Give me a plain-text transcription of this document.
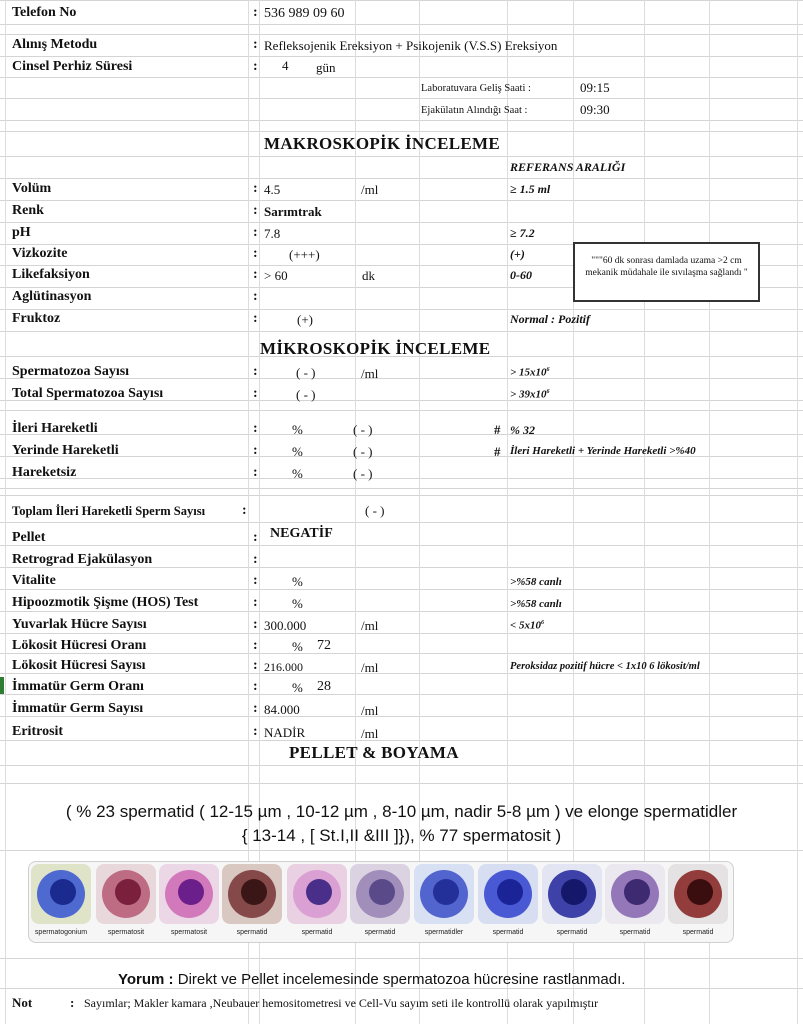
Telefon No	: 536 989 09 60
Alınış Metodu	: Refleksojenik Ereksiyon + Psikojenik (V.S.S) Ereksiyon
Cinsel Perhiz Süresi	: 4 gün
Laboratuvara Geliş Saati :	09:15
Ejakülatın Alındığı Saat :	09:30
MAKROSKOPİK İNCELEME
REFERANS ARALIĞI
Volüm	: 4.5	/ml	≥ 1.5 ml
Renk	: Sarımtrak
pH	: 7.8	≥ 7.2
Vizkozite	: (+++)	(+)
Likefaksiyon	: > 60	dk	0-60
Aglütinasyon	:
Fruktoz	:	(+)	Normal : Pozitif
"""60 dk sonrası damlada uzama >2 cm mekanik müdahale ile sıvılaşma sağlandı "
MİKROSKOPİK İNCELEME
Spermatozoa Sayısı	:	( - )	/ml	> $15x10^6$
Total Spermatozoa Sayısı	:	( - )	> $39x10^6$
İleri Hareketli	:	%	( - )	# % 32
Yerinde Hareketli	:	%	( - )	# İleri Hareketli + Yerinde Hareketli >%40
Hareketsiz	:	%	( - )
Toplam İleri Hareketli Sperm Sayısı	:	( - )
Pellet	: NEGATİF
Retrograd Ejakülasyon	:
Vitalite	:	%	>%58 canlı
Hipoozmotik Şişme (HOS) Test	:	%	>%58 canlı
Yuvarlak Hücre Sayısı	: 300.000	/ml	< $5x10^6$
Lökosit Hücresi Oranı	:	% 72
Lökosit Hücresi Sayısı	: 216.000	/ml	Peroksidaz pozitif hücre < 1x10 6 lökosit/ml
İmmatür Germ Oranı	:	% 28
İmmatür Germ Sayısı	: 84.000	/ml
Eritrosit	: NADİR	/ml
PELLET & BOYAMA
( % 23 spermatid ( 12-15 µm , 10-12 µm , 8-10 µm, nadir 5-8 µm ) ve elonge spermatidler
{ 13-14 , [ St.I,II &III ]}), % 77 spermatosit )
spermatogonium	spermatosit	spermatosit	spermatid	spermatid	spermatid	spermatidler	spermatid	spermatid	spermatid	spermatid
Yorum : Direkt ve Pellet incelemesinde spermatozoa hücresine rastlanmadı.
Not	: Sayımlar; Makler kamara ,Neubauer hemositometresi ve Cell-Vu sayım seti ile kontrollü olarak yapılmıştır
